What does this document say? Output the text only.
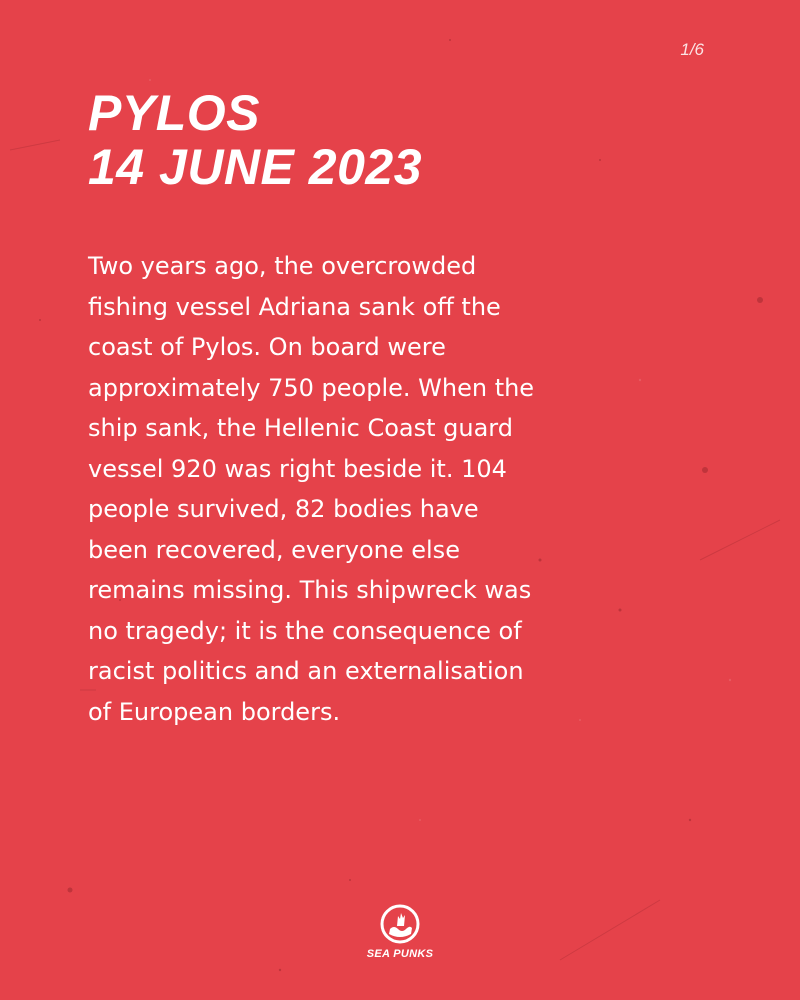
1/6
PYLOS
14 JUNE 2023

Two years ago, the overcrowded fishing vessel Adriana sank off the coast of Pylos. On board were approximately 750 people. When the ship sank, the Hellenic Coast guard vessel 920 was right beside it. 104 people survived, 82 bodies have been recovered, everyone else remains missing. This shipwreck was no tragedy; it is the consequence of racist politics and an externalisation of European borders.

SEA PUNKS
